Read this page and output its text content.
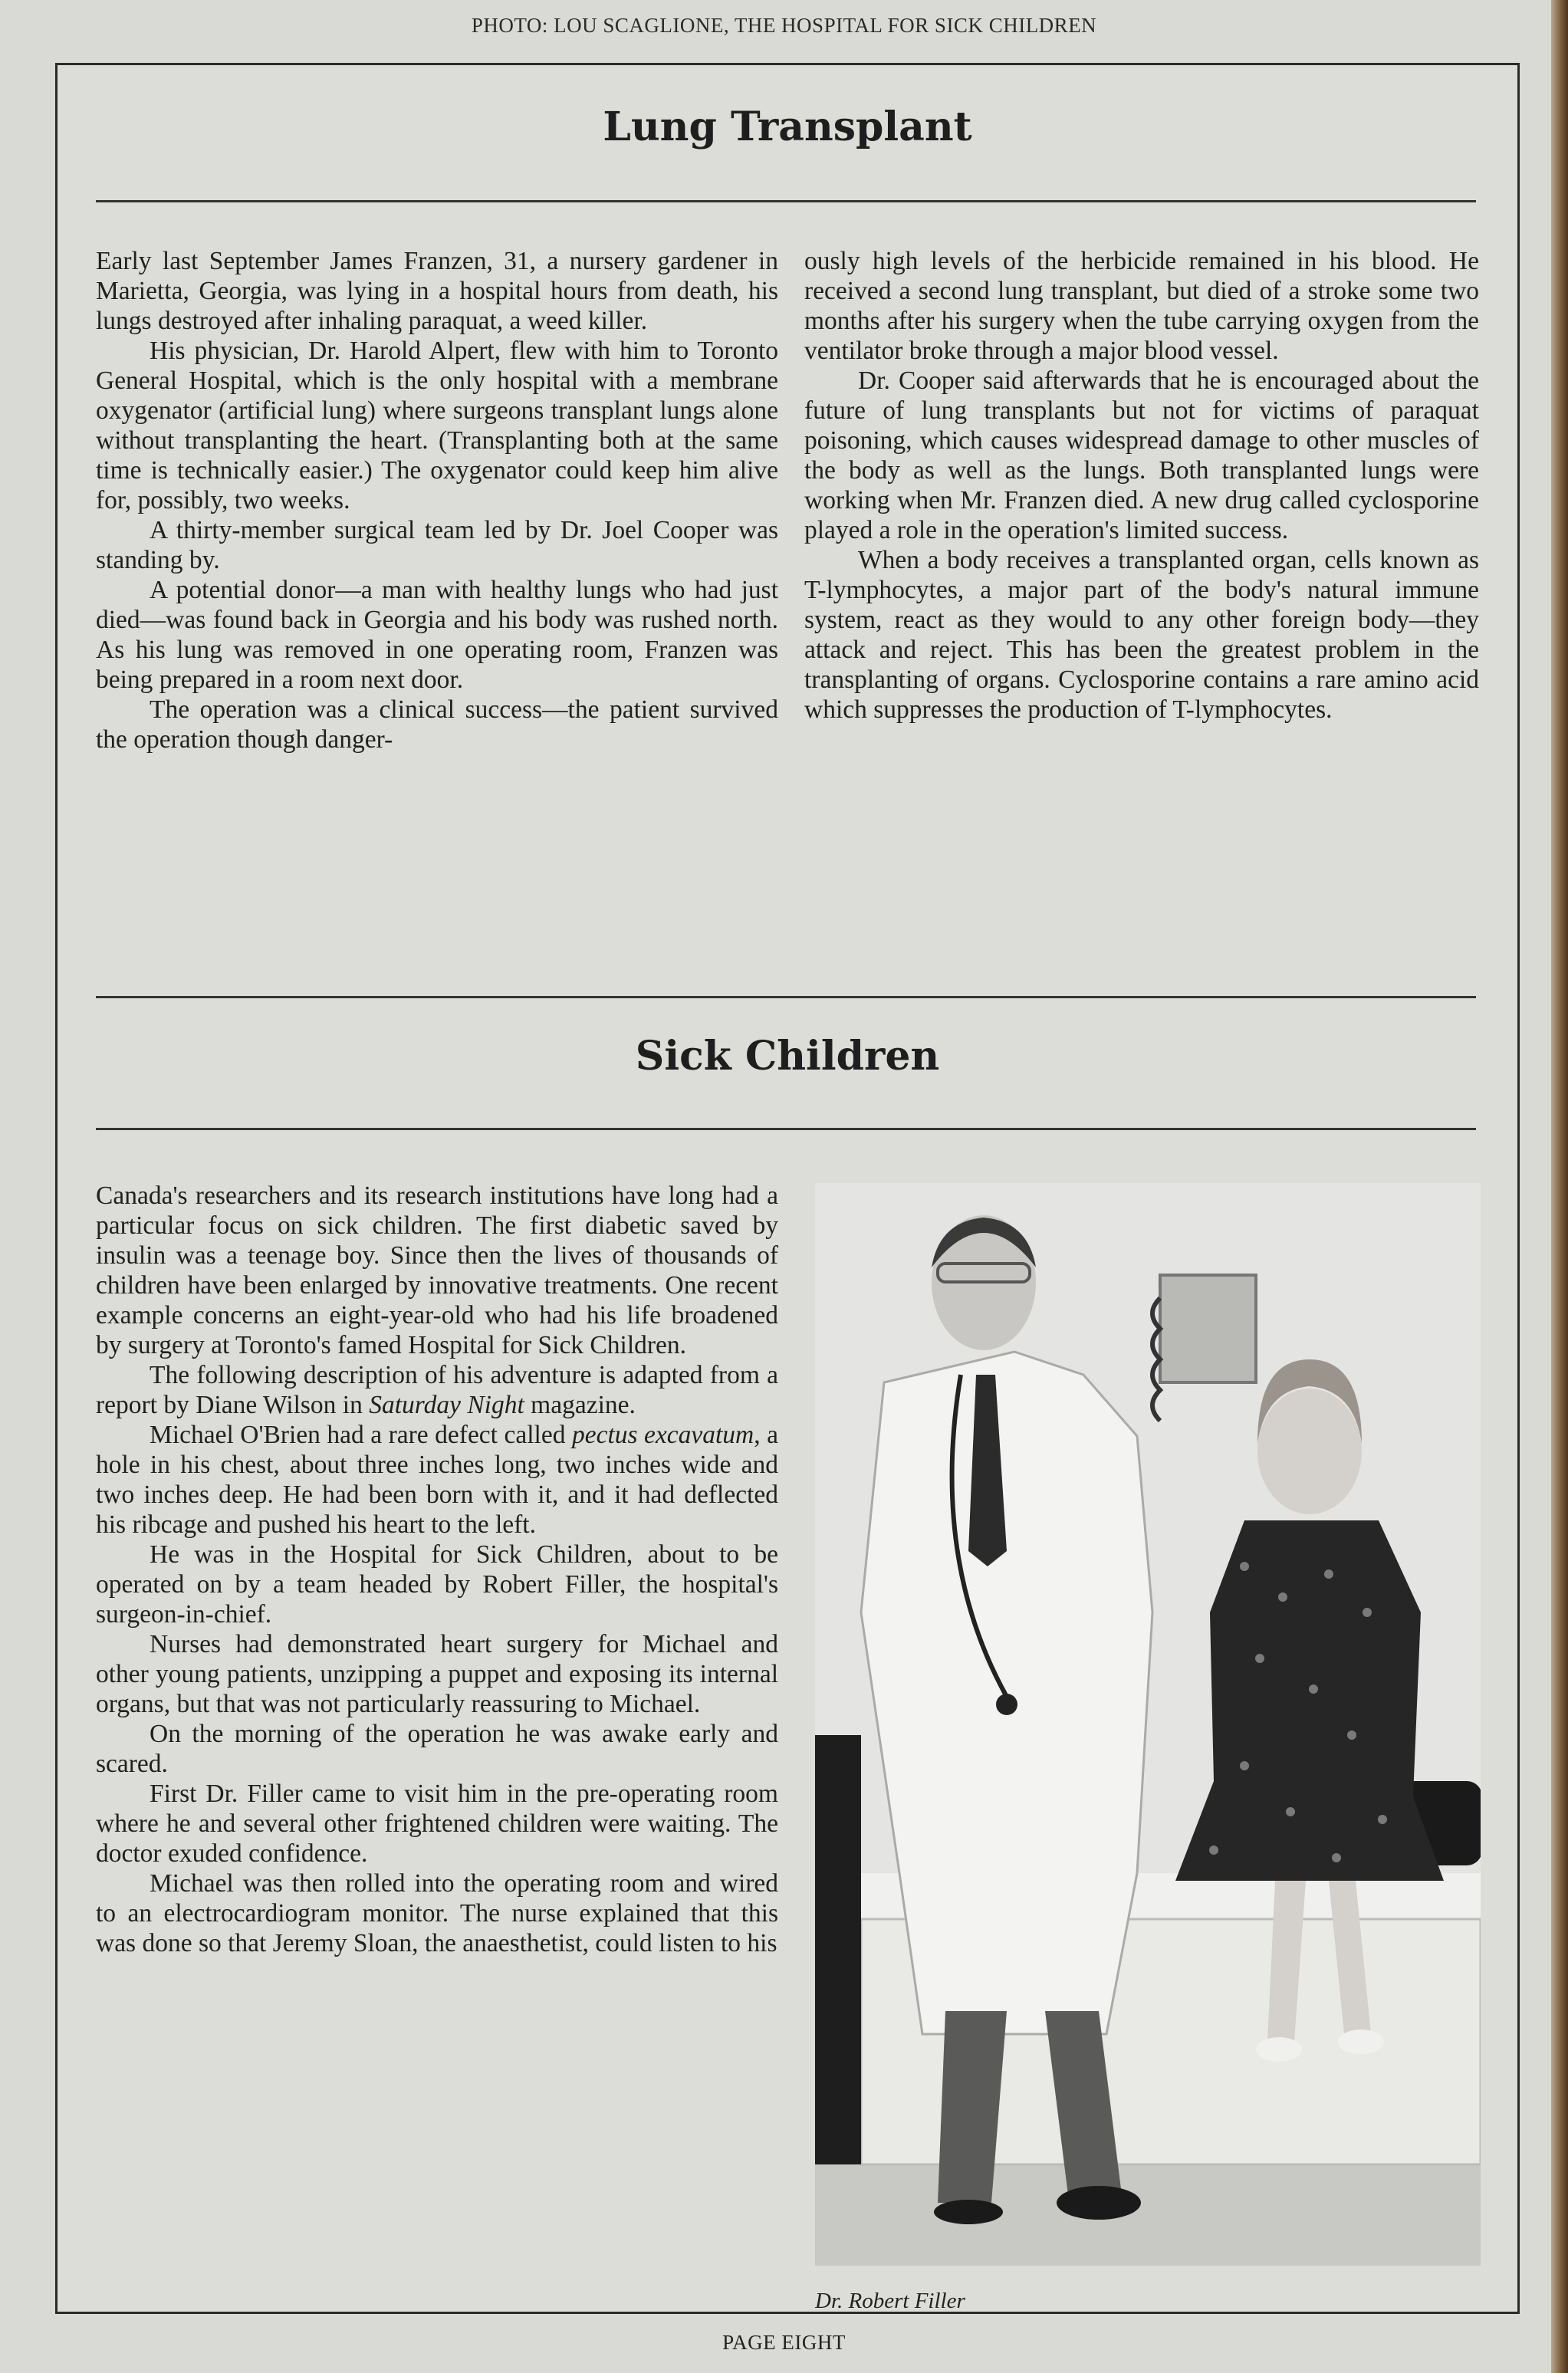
PHOTO: LOU SCAGLIONE, THE HOSPITAL FOR SICK CHILDREN
Lung Transplant

Early last September James Franzen, 31, a nursery gardener in Marietta, Georgia, was lying in a hospital hours from death, his lungs destroyed after inhaling paraquat, a weed killer.

His physician, Dr. Harold Alpert, flew with him to Toronto General Hospital, which is the only hospital with a membrane oxygenator (artificial lung) where surgeons transplant lungs alone without transplanting the heart. (Transplanting both at the same time is technically easier.) The oxygenator could keep him alive for, possibly, two weeks.

A thirty-member surgical team led by Dr. Joel Cooper was standing by.

A potential donor—a man with healthy lungs who had just died—was found back in Georgia and his body was rushed north. As his lung was removed in one operating room, Franzen was being prepared in a room next door.

The operation was a clinical success—the patient survived the operation though danger-

ously high levels of the herbicide remained in his blood. He received a second lung transplant, but died of a stroke some two months after his surgery when the tube carrying oxygen from the ventilator broke through a major blood vessel.

Dr. Cooper said afterwards that he is encouraged about the future of lung transplants but not for victims of paraquat poisoning, which causes widespread damage to other muscles of the body as well as the lungs. Both transplanted lungs were working when Mr. Franzen died. A new drug called cyclosporine played a role in the operation's limited success.

When a body receives a transplanted organ, cells known as T-lymphocytes, a major part of the body's natural immune system, react as they would to any other foreign body—they attack and reject. This has been the greatest problem in the transplanting of organs. Cyclosporine contains a rare amino acid which suppresses the production of T-lymphocytes.

Sick Children

Canada's researchers and its research institutions have long had a particular focus on sick children. The first diabetic saved by insulin was a teenage boy. Since then the lives of thousands of children have been enlarged by innovative treatments. One recent example concerns an eight-year-old who had his life broadened by surgery at Toronto's famed Hospital for Sick Children.

The following description of his adventure is adapted from a report by Diane Wilson in Saturday Night magazine.

Michael O'Brien had a rare defect called pectus excavatum, a hole in his chest, about three inches long, two inches wide and two inches deep. He had been born with it, and it had deflected his ribcage and pushed his heart to the left.

He was in the Hospital for Sick Children, about to be operated on by a team headed by Robert Filler, the hospital's surgeon-in-chief.

Nurses had demonstrated heart surgery for Michael and other young patients, unzipping a puppet and exposing its internal organs, but that was not particularly reassuring to Michael.

On the morning of the operation he was awake early and scared.

First Dr. Filler came to visit him in the pre-operating room where he and several other frightened children were waiting. The doctor exuded confidence.

Michael was then rolled into the operating room and wired to an electrocardiogram monitor. The nurse explained that this was done so that Jeremy Sloan, the anaesthetist, could listen to his

Dr. Robert Filler
PAGE EIGHT
